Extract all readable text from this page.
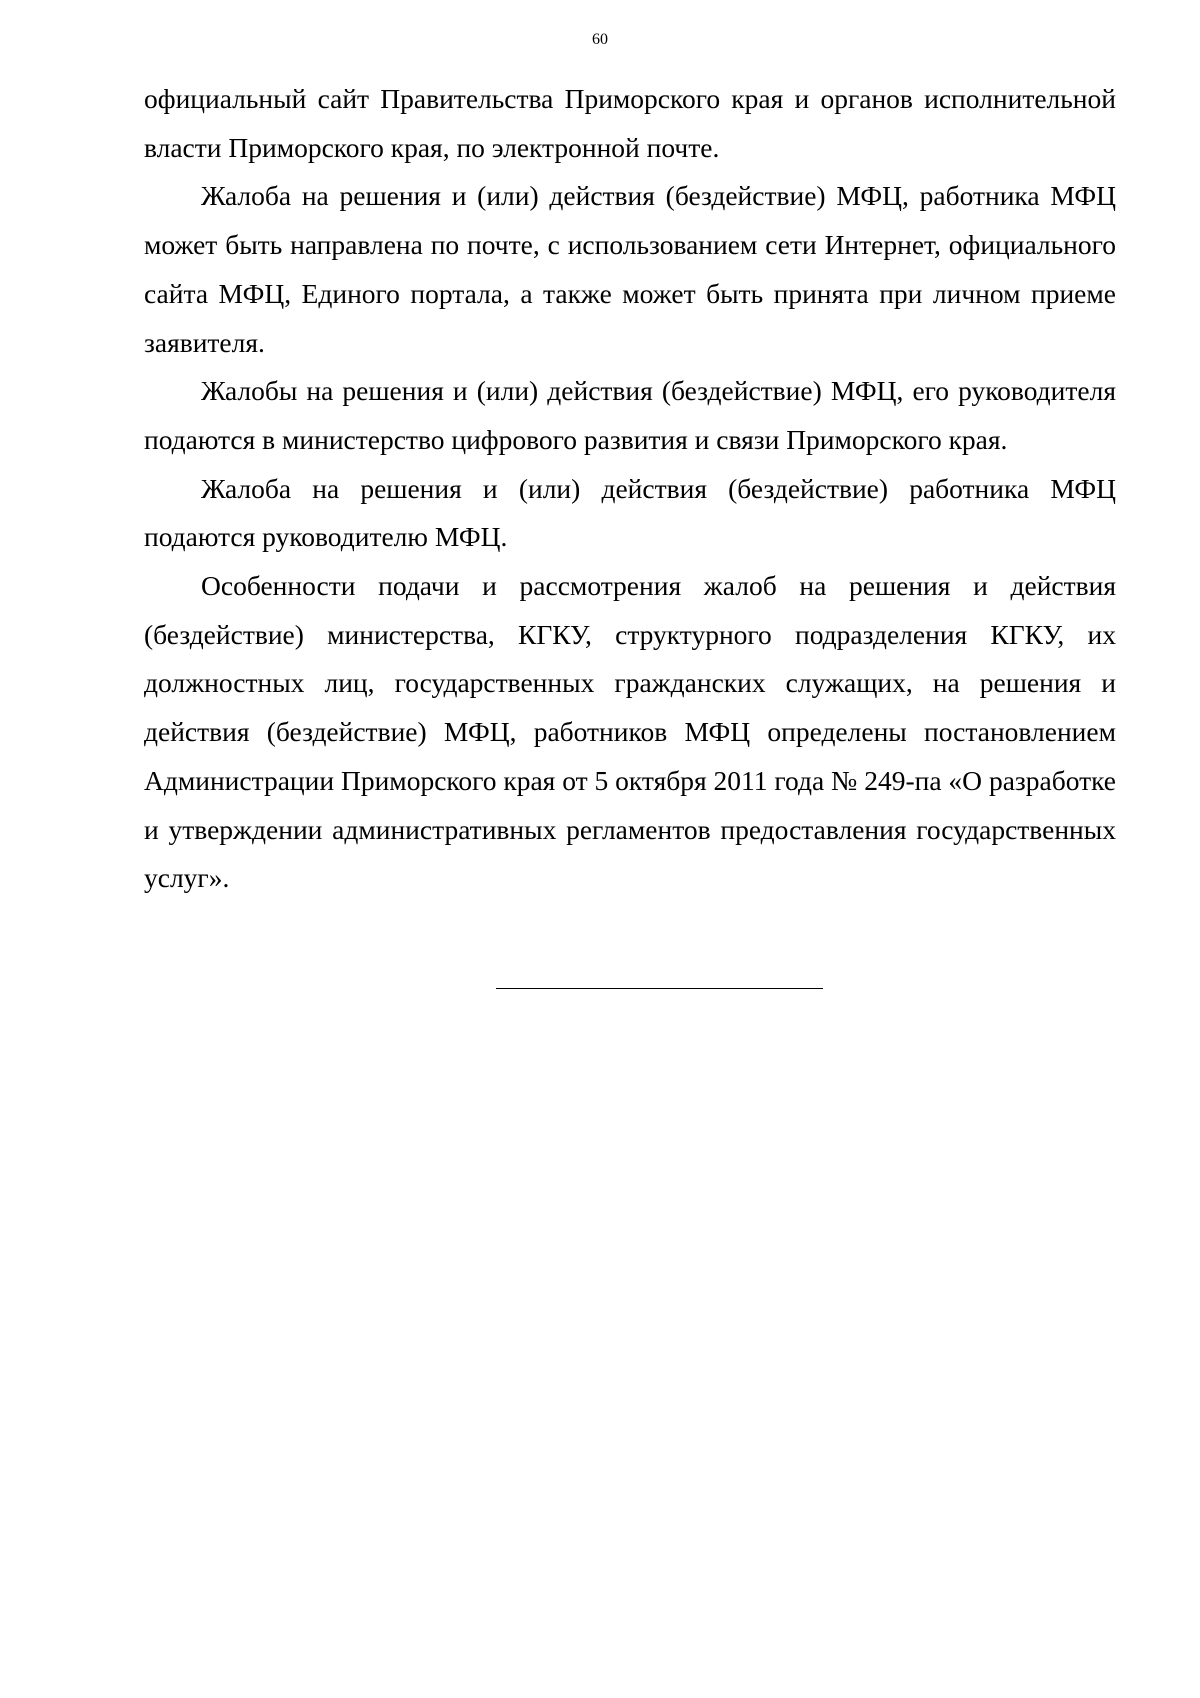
60

официальный сайт Правительства Приморского края и органов исполнительной власти Приморского края, по электронной почте.

Жалоба на решения и (или) действия (бездействие) МФЦ, работника МФЦ может быть направлена по почте, с использованием сети Интернет, официального сайта МФЦ, Единого портала, а также может быть принята при личном приеме заявителя.

Жалобы на решения и (или) действия (бездействие) МФЦ, его руководителя подаются в министерство цифрового развития и связи Приморского края.

Жалоба на решения и (или) действия (бездействие) работника МФЦ подаются руководителю МФЦ.

Особенности подачи и рассмотрения жалоб на решения и действия (бездействие) министерства, КГКУ, структурного подразделения КГКУ, их должностных лиц, государственных гражданских служащих, на решения и действия (бездействие) МФЦ, работников МФЦ определены постановлением Администрации Приморского края от 5 октября 2011 года № 249-па «О разработке и утверждении административных регламентов предоставления государственных услуг».
